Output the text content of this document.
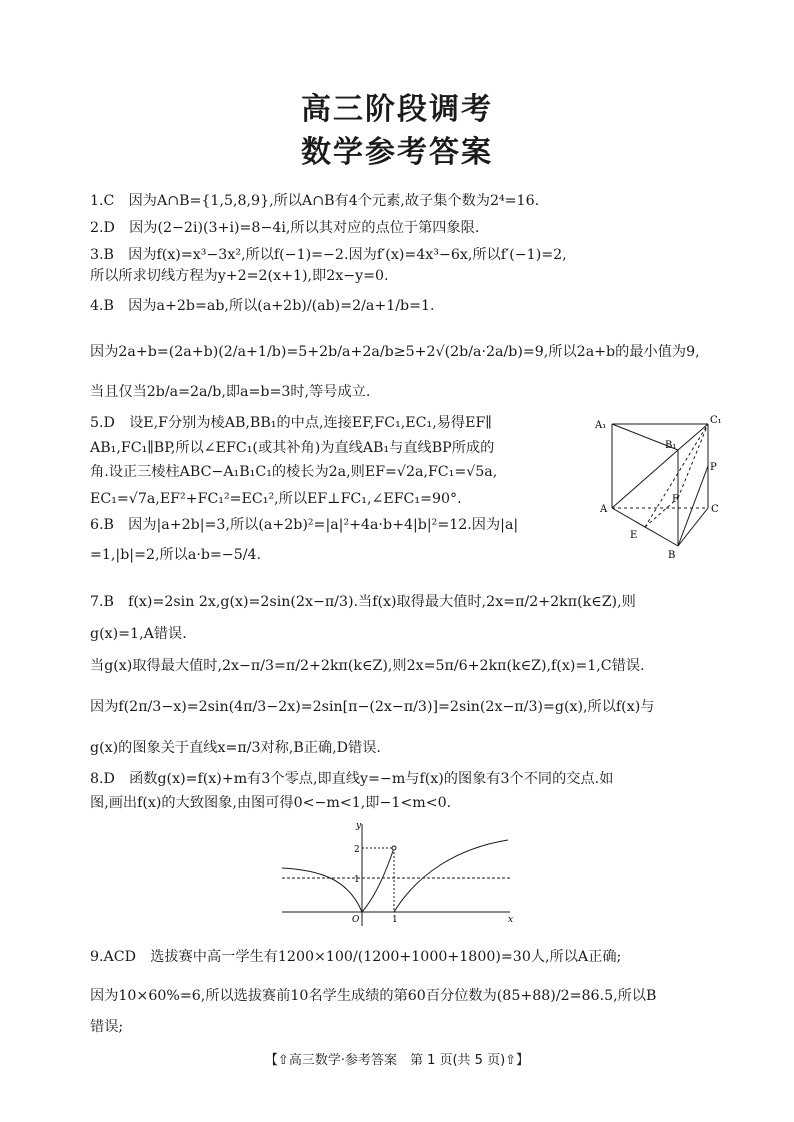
高三阶段调考
数学参考答案
1.C　因为A∩B={1,5,8,9},所以A∩B有4个元素,故子集个数为2⁴=16.
2.D　因为(2−2i)(3+i)=8−4i,所以其对应的点位于第四象限.
3.B　因为f(x)=x³−3x²,所以f(−1)=−2.因为f′(x)=4x³−6x,所以f′(−1)=2,
所以所求切线方程为y+2=2(x+1),即2x−y=0.
4.B　因为a+2b=ab,所以(a+2b)/(ab)=2/a+1/b=1.
因为2a+b=(2a+b)(2/a+1/b)=5+2b/a+2a/b≥5+2√(2b/a·2a/b)=9,所以2a+b的最小值为9,
当且仅当2b/a=2a/b,即a=b=3时,等号成立.
5.D　设E,F分别为棱AB,BB₁的中点,连接EF,FC₁,EC₁,易得EF∥
AB₁,FC₁∥BP,所以∠EFC₁(或其补角)为直线AB₁与直线BP所成的
角.设正三棱柱ABC−A₁B₁C₁的棱长为2a,则EF=√2a,FC₁=√5a,
EC₁=√7a,EF²+FC₁²=EC₁²,所以EF⊥FC₁,∠EFC₁=90°.
6.B　因为|a+2b|=3,所以(a+2b)²=|a|²+4a·b+4|b|²=12.因为|a|
=1,|b|=2,所以a·b=−5/4.
7.B　f(x)=2sin 2x,g(x)=2sin(2x−π/3).当f(x)取得最大值时,2x=π/2+2kπ(k∈Z),则
g(x)=1,A错误.
当g(x)取得最大值时,2x−π/3=π/2+2kπ(k∈Z),则2x=5π/6+2kπ(k∈Z),f(x)=1,C错误.
因为f(2π/3−x)=2sin(4π/3−2x)=2sin[π−(2x−π/3)]=2sin(2x−π/3)=g(x),所以f(x)与
g(x)的图象关于直线x=π/3对称,B正确,D错误.
8.D　函数g(x)=f(x)+m有3个零点,即直线y=−m与f(x)的图象有3个不同的交点.如
图,画出f(x)的大致图象,由图可得0<−m<1,即−1<m<0.
9.ACD　选拔赛中高一学生有1200×100/(1200+1000+1800)=30人,所以A正确;
因为10×60%=6,所以选拔赛前10名学生成绩的第60百分位数为(85+88)/2=86.5,所以B
错误;
A₁	C₁
B₁
P
F
A	C
E
B
y
x
O	1
1
2
【⇧高三数学·参考答案　第 1 页(共 5 页)⇧】
